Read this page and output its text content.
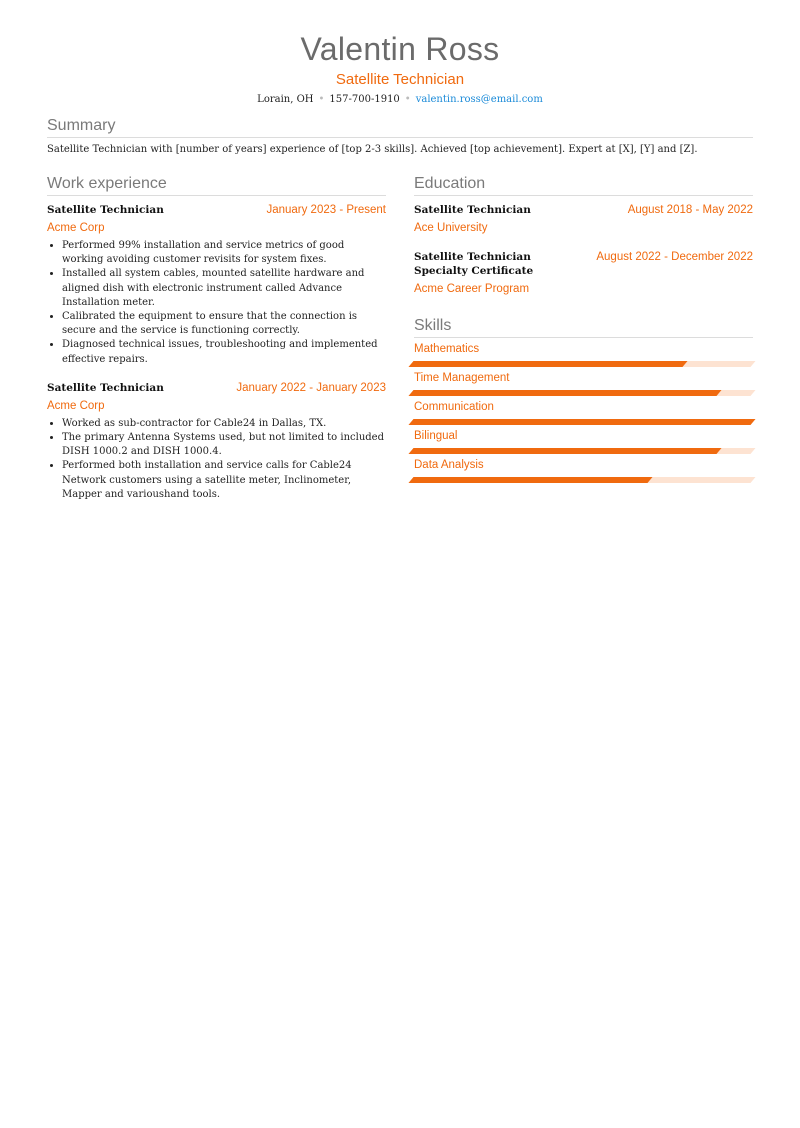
Valentin Ross
Satellite Technician
Lorain, OH • 157-700-1910 • valentin.ross@email.com
Summary
Satellite Technician with [number of years] experience of [top 2-3 skills]. Achieved [top achievement]. Expert at [X], [Y] and [Z].
Work experience
Satellite Technician	January 2023 - Present
Acme Corp
• Performed 99% installation and service metrics of good working avoiding customer revisits for system fixes.
• Installed all system cables, mounted satellite hardware and aligned dish with electronic instrument called Advance Installation meter.
• Calibrated the equipment to ensure that the connection is secure and the service is functioning correctly.
• Diagnosed technical issues, troubleshooting and implemented effective repairs.
Satellite Technician	January 2022 - January 2023
Acme Corp
• Worked as sub-contractor for Cable24 in Dallas, TX.
• The primary Antenna Systems used, but not limited to included DISH 1000.2 and DISH 1000.4.
• Performed both installation and service calls for Cable24 Network customers using a satellite meter, Inclinometer, Mapper and varioushand tools.
Education
Satellite Technician	August 2018 - May 2022
Ace University
Satellite Technician Specialty Certificate
August 2022 - December 2022
Acme Career Program
Skills
Mathematics
Time Management
Communication
Bilingual
Data Analysis
